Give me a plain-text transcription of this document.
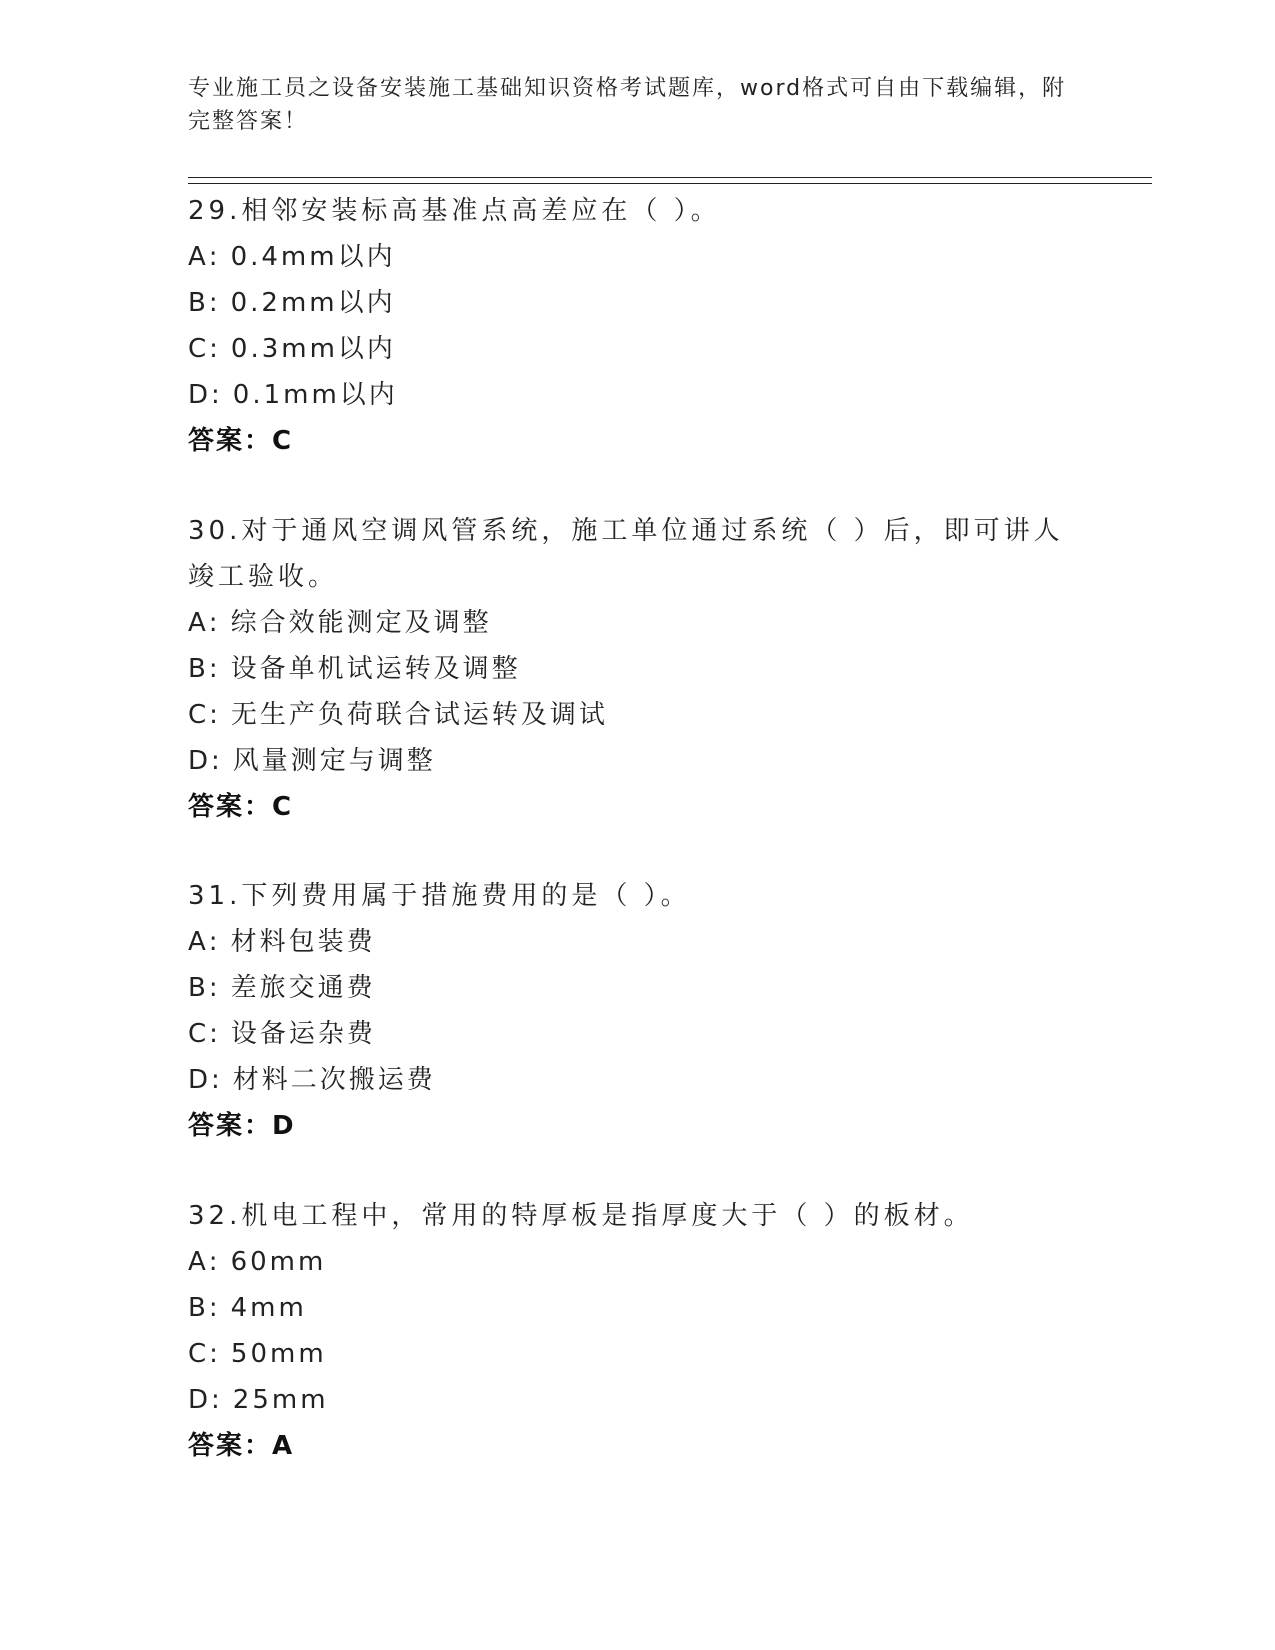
专业施工员之设备安装施工基础知识资格考试题库，word格式可自由下载编辑，附完整答案！
29.相邻安装标高基准点高差应在（ ）。
A: 0.4mm以内
B: 0.2mm以内
C: 0.3mm以内
D: 0.1mm以内
答案：C
30.对于通风空调风管系统，施工单位通过系统（ ）后，即可讲人竣工验收。
A: 综合效能测定及调整
B: 设备单机试运转及调整
C: 无生产负荷联合试运转及调试
D: 风量测定与调整
答案：C
31.下列费用属于措施费用的是（ ）。
A: 材料包装费
B: 差旅交通费
C: 设备运杂费
D: 材料二次搬运费
答案：D
32.机电工程中，常用的特厚板是指厚度大于（ ）的板材。
A: 60mm
B: 4mm
C: 50mm
D: 25mm
答案：A
